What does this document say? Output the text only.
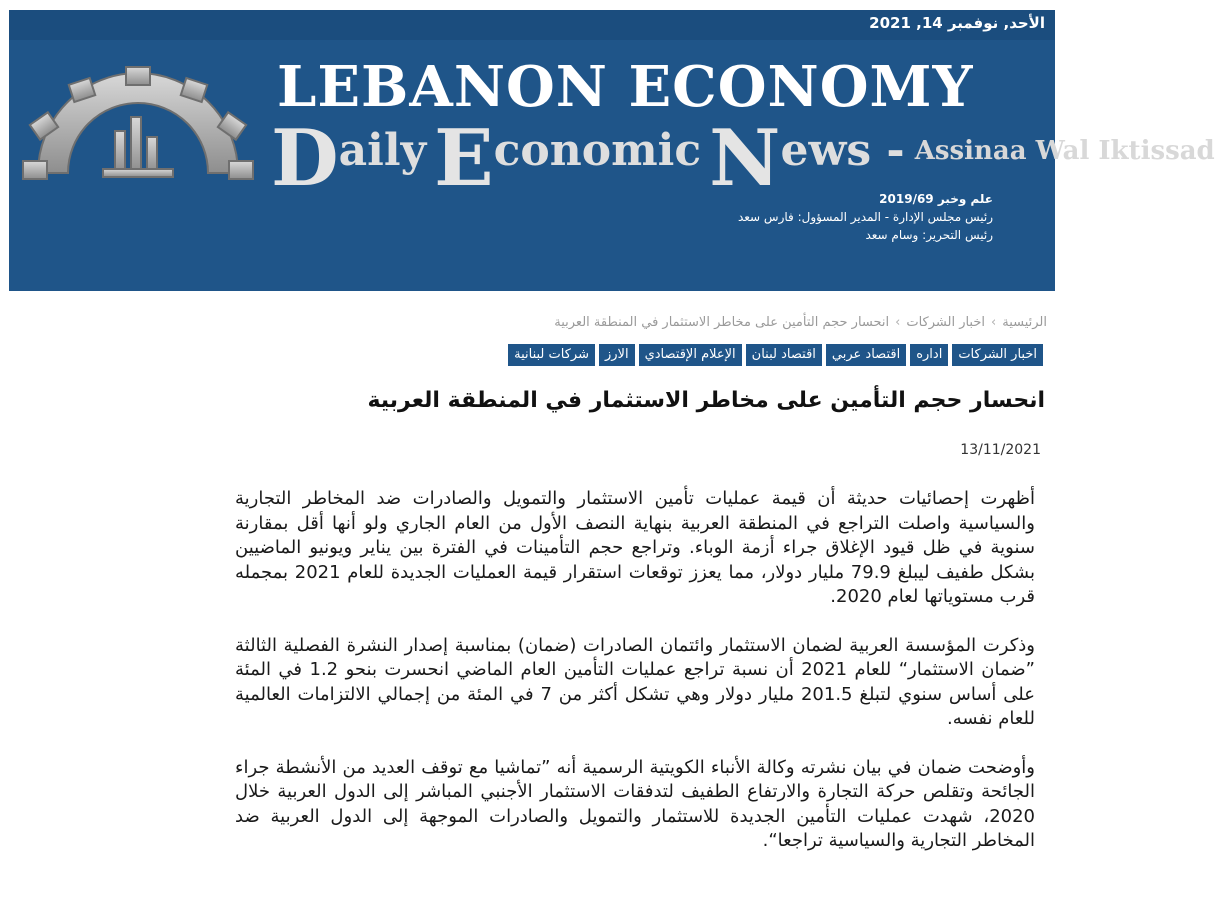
الأحد, نوفمبر 14, 2021
LEBANON ECONOMY
Daily Economic News - Assinaa Wal Iktissad
علم وخبر 2019/69
رئيس مجلس الإدارة - المدير المسؤول: فارس سعد
رئيس التحرير: وسام سعد
الرئيسية›اخبار الشركات›انحسار حجم التأمين على مخاطر الاستثمار في المنطقة العربية
اخبار الشركات
اداره
اقتصاد عربي
اقتصاد لبنان
الإعلام الإقتصادي
الارز
شركات لبنانية
انحسار حجم التأمين على مخاطر الاستثمار في المنطقة العربية
13/11/2021

أظهرت إحصائيات حديثة أن قيمة عمليات تأمين الاستثمار والتمويل والصادرات ضد المخاطر التجارية والسياسية واصلت التراجع في المنطقة العربية بنهاية النصف الأول من العام الجاري ولو أنها أقل بمقارنة سنوية في ظل قيود الإغلاق جراء أزمة الوباء. وتراجع حجم التأمينات في الفترة بين يناير ويونيو الماضيين بشكل طفيف ليبلغ 79.9 مليار دولار، مما يعزز توقعات استقرار قيمة العمليات الجديدة للعام 2021 بمجمله قرب مستوياتها لعام 2020.

وذكرت المؤسسة العربية لضمان الاستثمار وائتمان الصادرات (ضمان) بمناسبة إصدار النشرة الفصلية الثالثة ”ضمان الاستثمار“ للعام 2021 أن نسبة تراجع عمليات التأمين العام الماضي انحسرت بنحو 1.2 في المئة على أساس سنوي لتبلغ 201.5 مليار دولار وهي تشكل أكثر من 7 في المئة من إجمالي الالتزامات العالمية للعام نفسه.

وأوضحت ضمان في بيان نشرته وكالة الأنباء الكويتية الرسمية أنه ”تماشيا مع توقف العديد من الأنشطة جراء الجائحة وتقلص حركة التجارة والارتفاع الطفيف لتدفقات الاستثمار الأجنبي المباشر إلى الدول العربية خلال 2020، شهدت عمليات التأمين الجديدة للاستثمار والتمويل والصادرات الموجهة إلى الدول العربية ضد المخاطر التجارية والسياسية تراجعا“.
